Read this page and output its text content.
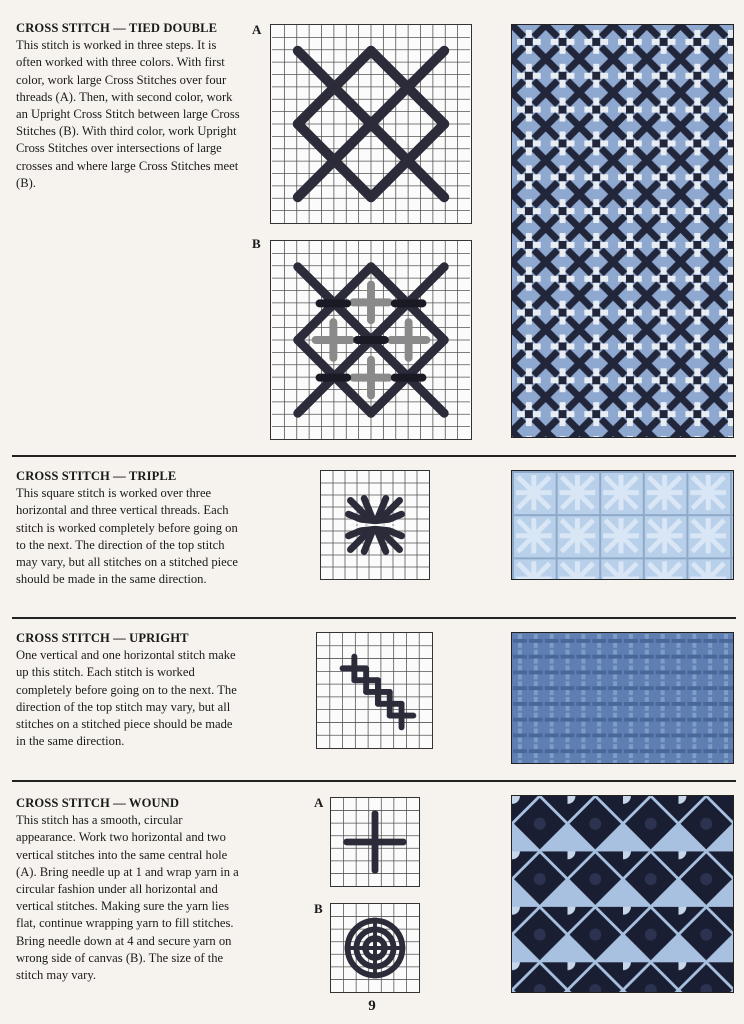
CROSS STITCH — TIED DOUBLE
This stitch is worked in three steps. It is often worked with three colors. With first color, work large Cross Stitches over four threads (A). Then, with second color, work an Upright Cross Stitch between large Cross Stitches (B). With third color, work Upright Cross Stitches over intersections of large crosses and where large Cross Stitches meet (B).
A
B
CROSS STITCH — TRIPLE
This square stitch is worked over three horizontal and three vertical threads. Each stitch is worked completely before going on to the next. The direction of the top stitch may vary, but all stitches on a stitched piece should be made in the same direction.
CROSS STITCH — UPRIGHT
One vertical and one horizontal stitch make up this stitch. Each stitch is worked completely before going on to the next. The direction of the top stitch may vary, but all stitches on a stitched piece should be made in the same direction.
CROSS STITCH — WOUND
This stitch has a smooth, circular appearance. Work two horizontal and two vertical stitches into the same central hole (A). Bring needle up at 1 and wrap yarn in a circular fashion under all horizontal and vertical stitches. Making sure the yarn lies flat, continue wrapping yarn to fill stitches. Bring needle down at 4 and secure yarn on wrong side of canvas (B). The size of the stitch may vary.
A
B
9
